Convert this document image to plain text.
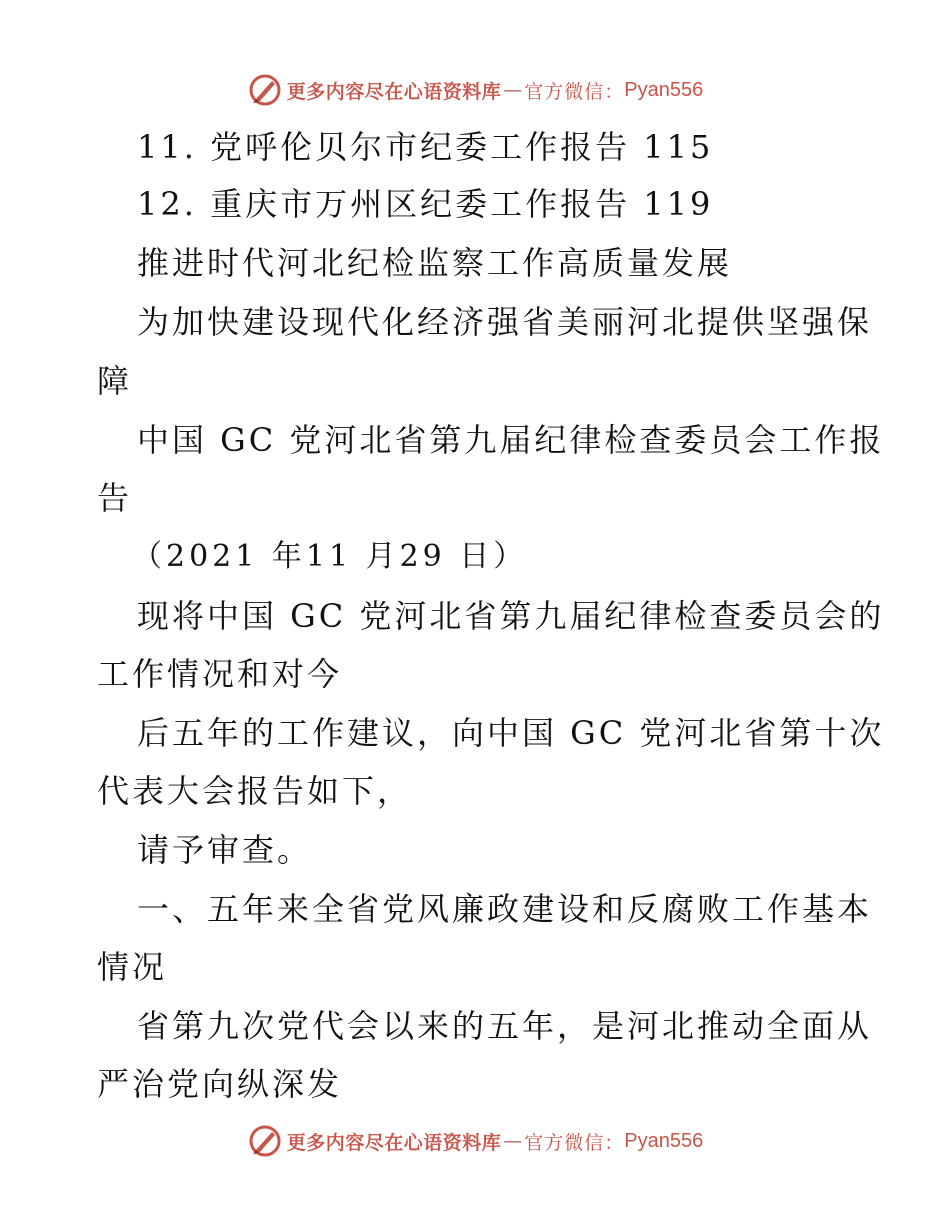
更多内容尽在心语资料库 — 官方微信： Pyan556
11. 党呼伦贝尔市纪委工作报告 115
12. 重庆市万州区纪委工作报告 119
推进时代河北纪检监察工作高质量发展
为加快建设现代化经济强省美丽河北提供坚强保
障
中国 GC 党河北省第九届纪律检查委员会工作报
告
（2021 年11 月29 日）
现将中国 GC 党河北省第九届纪律检查委员会的
工作情况和对今
后五年的工作建议，向中国 GC 党河北省第十次
代表大会报告如下，
请予审查。
一、五年来全省党风廉政建设和反腐败工作基本
情况
省第九次党代会以来的五年，是河北推动全面从
严治党向纵深发
更多内容尽在心语资料库 — 官方微信： Pyan556
